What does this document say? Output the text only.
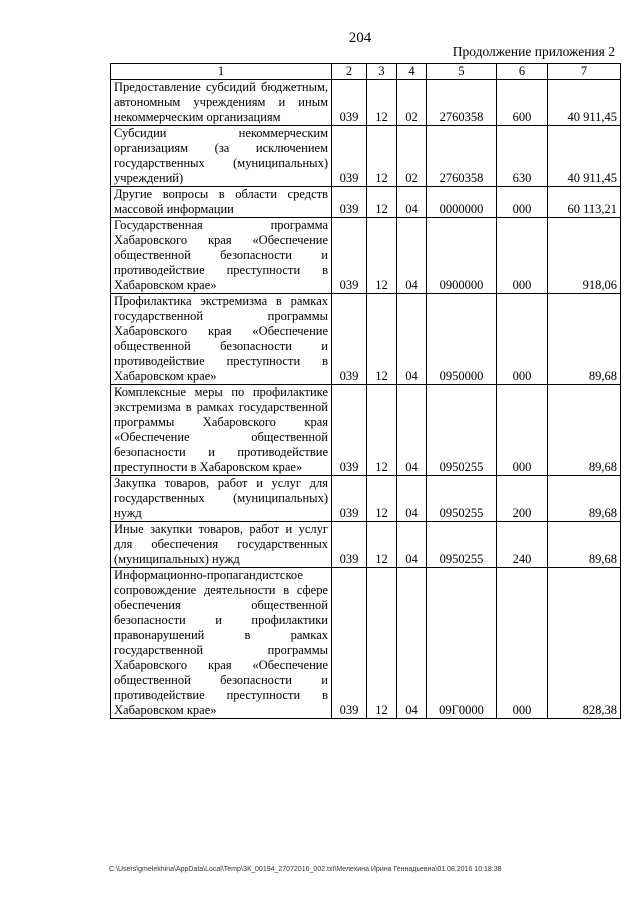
204
Продолжение приложения 2
1	2	3	4	5	6	7
Предоставление субсидий бюджетным, автономным учреждениям и иным некоммерческим организациям	039	12	02	2760358	600	40 911,45
Субсидии некоммерческим организациям (за исключением государственных (муниципальных) учреждений)	039	12	02	2760358	630	40 911,45
Другие вопросы в области средств массовой информации	039	12	04	0000000	000	60 113,21
Государственная программа Хабаровского края «Обеспечение общественной безопасности и противодействие преступности в Хабаровском крае»	039	12	04	0900000	000	918,06
Профилактика экстремизма в рамках государственной программы Хабаровского края «Обеспечение общественной безопасности и противодействие преступности в Хабаровском крае»	039	12	04	0950000	000	89,68
Комплексные меры по профилактике экстремизма в рамках государственной программы Хабаровского края «Обеспечение общественной безопасности и противодействие преступности в Хабаровском крае»	039	12	04	0950255	000	89,68
Закупка товаров, работ и услуг для государственных (муниципальных) нужд	039	12	04	0950255	200	89,68
Иные закупки товаров, работ и услуг для обеспечения государственных (муниципальных) нужд	039	12	04	0950255	240	89,68
Информационно-пропагандистское сопровождение деятельности в сфере обеспечения общественной безопасности и профилактики правонарушений в рамках государственной программы Хабаровского края «Обеспечение общественной безопасности и противодействие преступности в Хабаровском крае»	039	12	04	09Г0000	000	828,38
C:\Users\gmelekhina\AppData\Local\Temp\ЗК_00194_27072016_002.txt\Мелехина Ирина Геннадьевна\01.08.2016 10:18:38
